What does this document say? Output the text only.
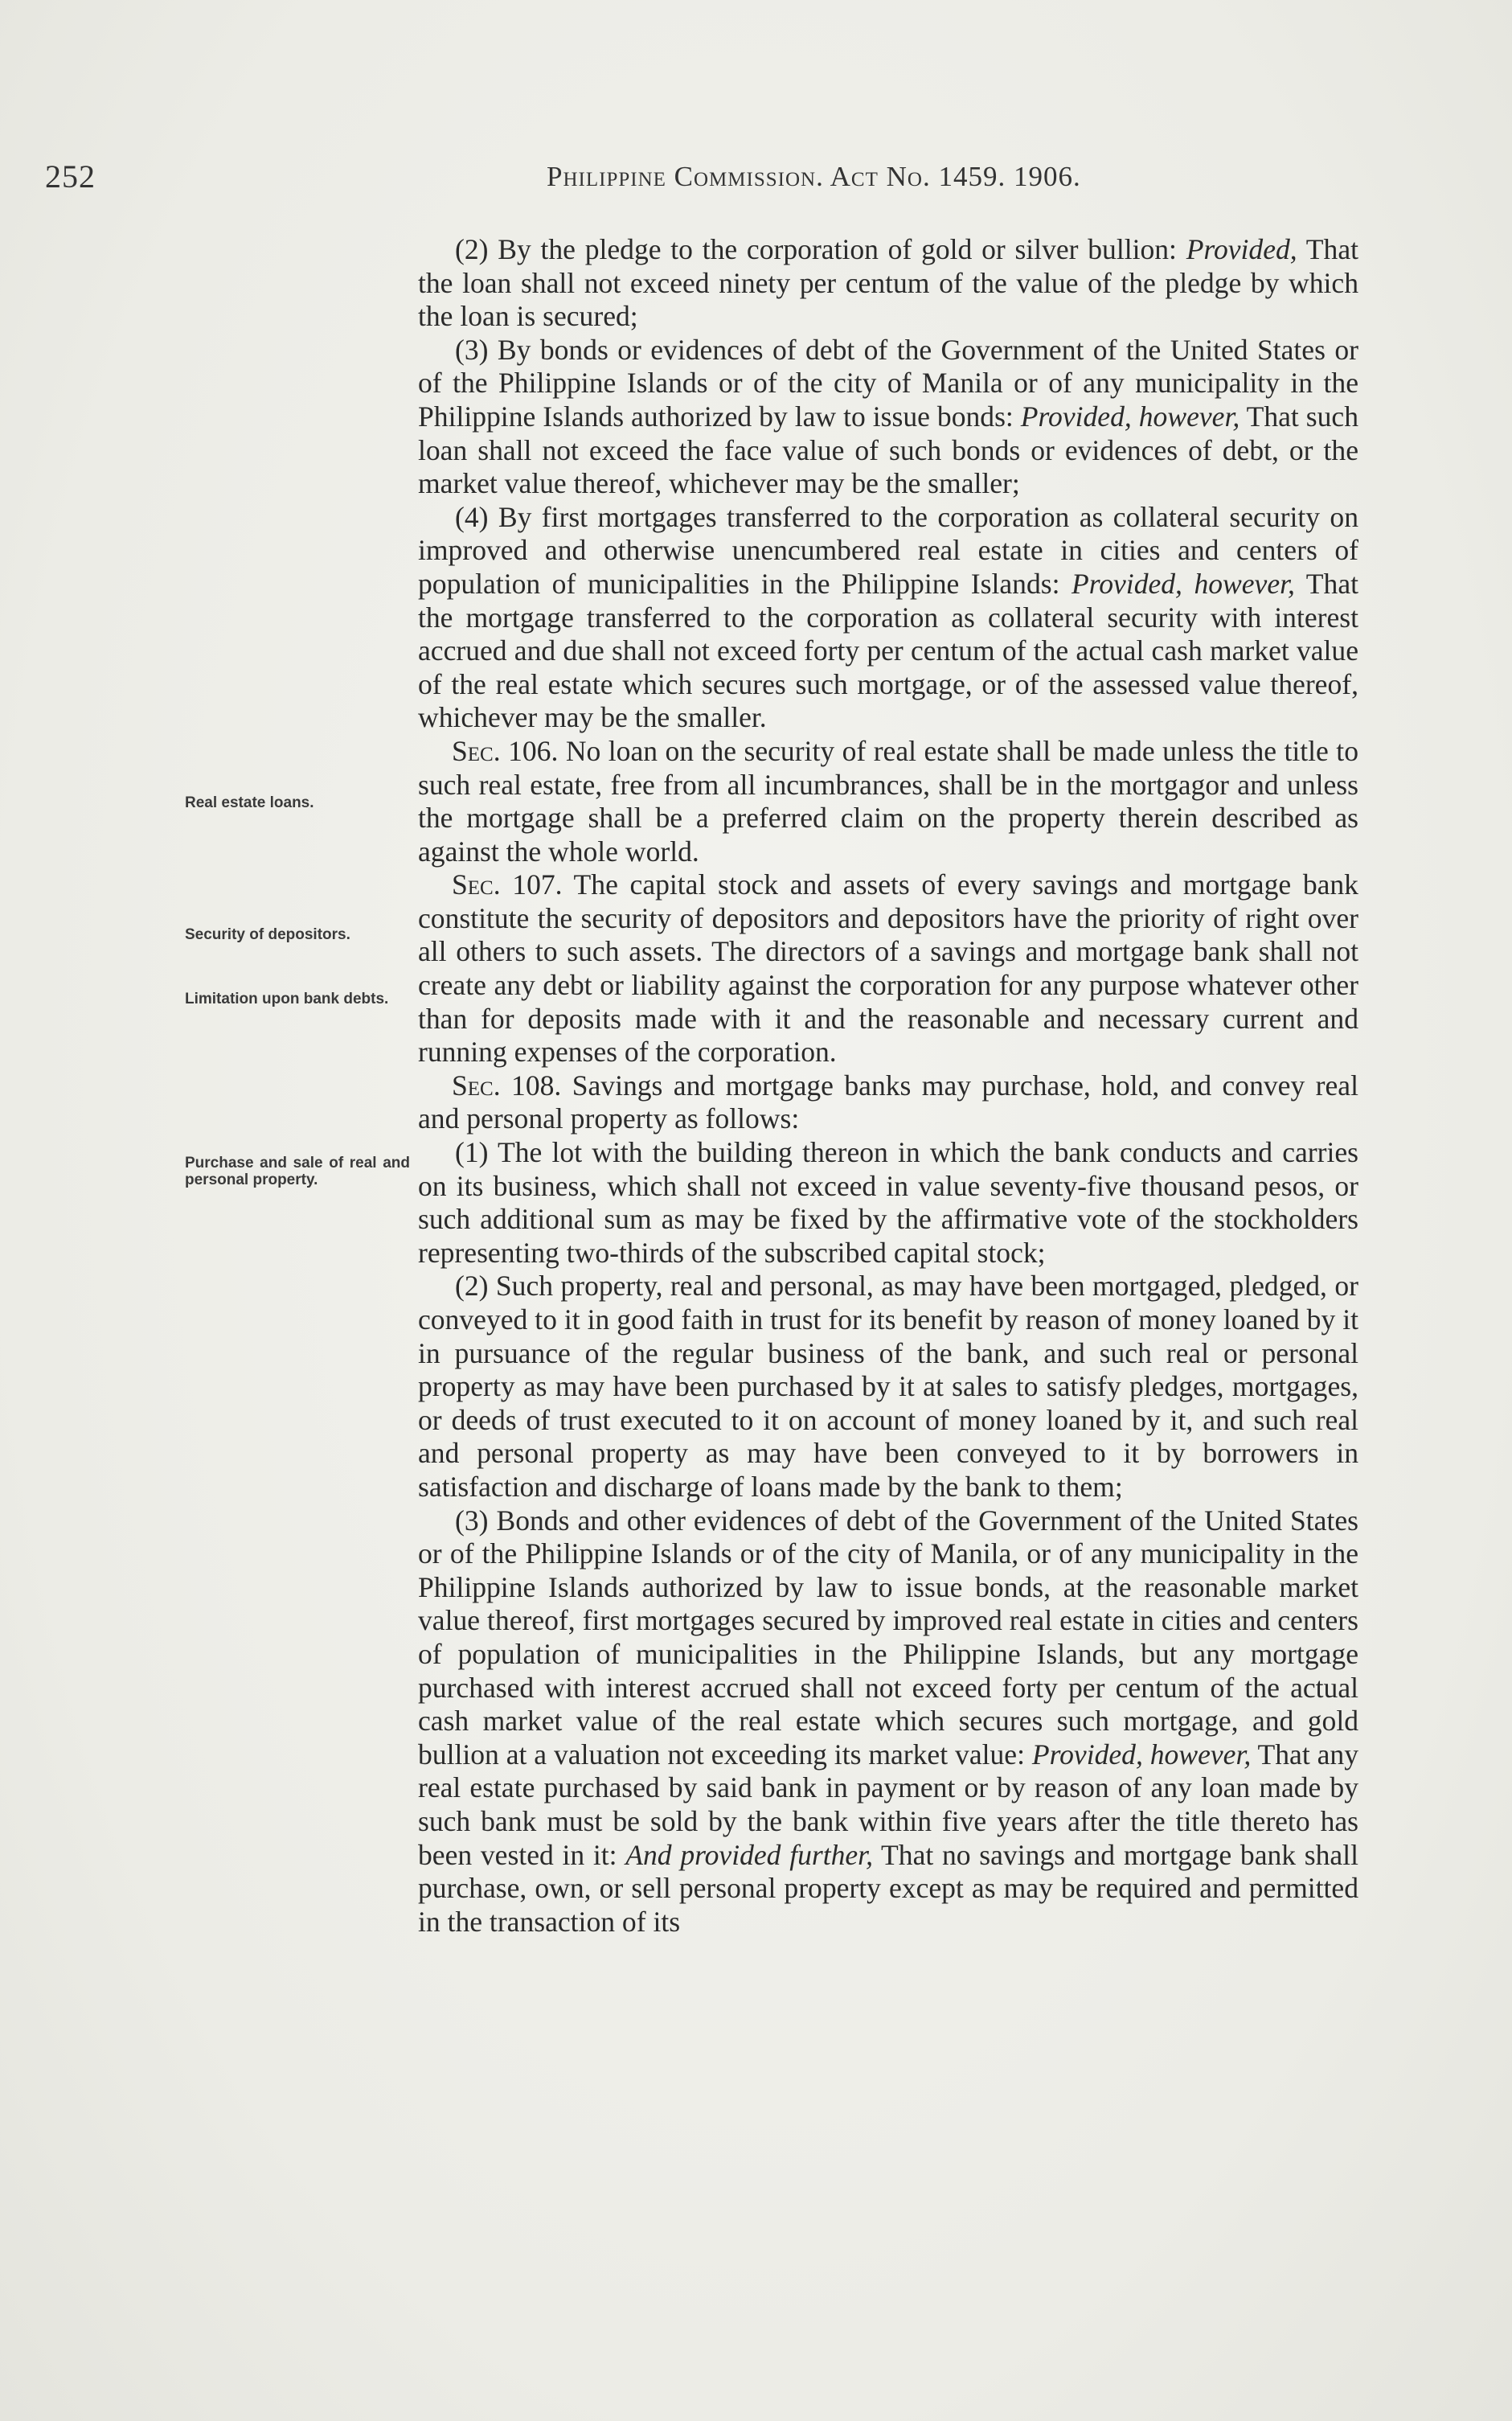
252	Philippine Commission. Act No. 1459. 1906.
Real estate loans.
Security of depositors.
Limitation upon bank debts.
Purchase and sale of real and personal property.

(2) By the pledge to the corporation of gold or silver bullion: Provided, That the loan shall not exceed ninety per centum of the value of the pledge by which the loan is secured;

(3) By bonds or evidences of debt of the Government of the United States or of the Philippine Islands or of the city of Manila or of any municipality in the Philippine Islands authorized by law to issue bonds: Provided, however, That such loan shall not exceed the face value of such bonds or evidences of debt, or the market value thereof, whichever may be the smaller;

(4) By first mortgages transferred to the corporation as collateral security on improved and otherwise unencumbered real estate in cities and centers of population of municipalities in the Philippine Islands: Provided, however, That the mortgage transferred to the corporation as collateral security with interest accrued and due shall not exceed forty per centum of the actual cash market value of the real estate which secures such mortgage, or of the assessed value thereof, whichever may be the smaller.

Sec. 106. No loan on the security of real estate shall be made unless the title to such real estate, free from all incumbrances, shall be in the mortgagor and unless the mortgage shall be a preferred claim on the property therein described as against the whole world.

Sec. 107. The capital stock and assets of every savings and mortgage bank constitute the security of depositors and depositors have the priority of right over all others to such assets. The directors of a savings and mortgage bank shall not create any debt or liability against the corporation for any purpose whatever other than for deposits made with it and the reasonable and necessary current and running expenses of the corporation.

Sec. 108. Savings and mortgage banks may purchase, hold, and convey real and personal property as follows:

(1) The lot with the building thereon in which the bank conducts and carries on its business, which shall not exceed in value seventy-five thousand pesos, or such additional sum as may be fixed by the affirmative vote of the stockholders representing two-thirds of the subscribed capital stock;

(2) Such property, real and personal, as may have been mortgaged, pledged, or conveyed to it in good faith in trust for its benefit by reason of money loaned by it in pursuance of the regular business of the bank, and such real or personal property as may have been purchased by it at sales to satisfy pledges, mortgages, or deeds of trust executed to it on account of money loaned by it, and such real and personal property as may have been conveyed to it by borrowers in satisfaction and discharge of loans made by the bank to them;

(3) Bonds and other evidences of debt of the Government of the United States or of the Philippine Islands or of the city of Manila, or of any municipality in the Philippine Islands authorized by law to issue bonds, at the reasonable market value thereof, first mortgages secured by improved real estate in cities and centers of population of municipalities in the Philippine Islands, but any mortgage purchased with interest accrued shall not exceed forty per centum of the actual cash market value of the real estate which secures such mortgage, and gold bullion at a valuation not exceeding its market value: Provided, however, That any real estate purchased by said bank in payment or by reason of any loan made by such bank must be sold by the bank within five years after the title thereto has been vested in it: And provided further, That no savings and mortgage bank shall purchase, own, or sell personal property except as may be required and permitted in the transaction of its
